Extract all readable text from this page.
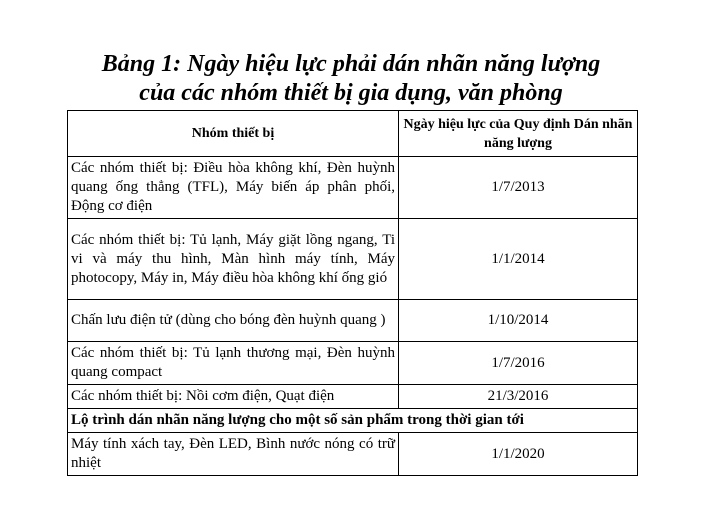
Bảng 1: Ngày hiệu lực phải dán nhãn năng lượng
của các nhóm thiết bị gia dụng, văn phòng
Nhóm thiết bị	Ngày hiệu lực của Quy định Dán nhãn năng lượng
Các nhóm thiết bị: Điều hòa không khí, Đèn huỳnh quang ống thẳng (TFL), Máy biến áp phân phối, Động cơ điện	1/7/2013
Các nhóm thiết bị: Tủ lạnh, Máy giặt lồng ngang, Ti vi và máy thu hình, Màn hình máy tính, Máy photocopy, Máy in, Máy điều hòa không khí ống gió	1/1/2014
Chấn lưu điện tử (dùng cho bóng đèn huỳnh quang )	1/10/2014
Các nhóm thiết bị: Tủ lạnh thương mại, Đèn huỳnh quang compact	1/7/2016
Các nhóm thiết bị: Nồi cơm điện, Quạt điện	21/3/2016
Lộ trình dán nhãn năng lượng cho một số sản phẩm trong thời gian tới	
Máy tính xách tay, Đèn LED, Bình nước nóng có trữ nhiệt	1/1/2020
